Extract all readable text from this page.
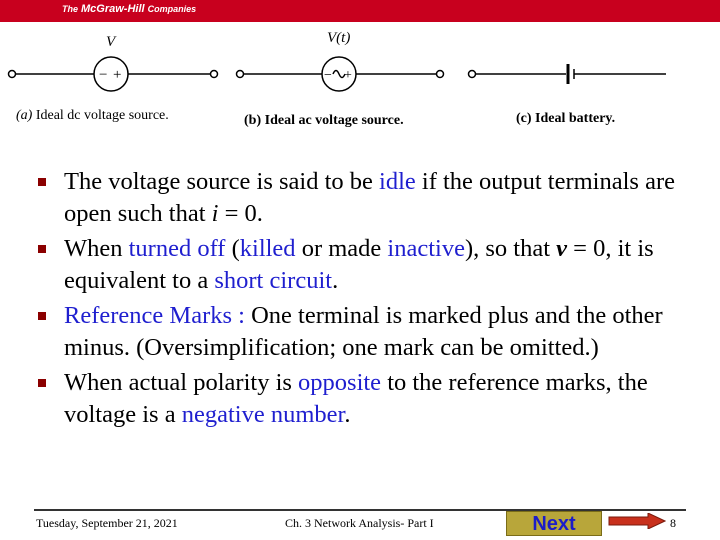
The McGraw-Hill Companies
− +
V
− +
V(t)
(a) Ideal dc voltage source.	(b) Ideal ac voltage source.	(c) Ideal battery.
The voltage source is said to be idle if the output terminals are open such that i = 0.
When turned off (killed or made inactive), so that v = 0, it is equivalent to a short circuit.
Reference Marks : One terminal is marked plus and the other minus. (Oversimplification; one mark can be omitted.)
When actual polarity is opposite to the reference marks, the voltage is a negative number.
Tuesday, September 21, 2021	Ch. 3 Network Analysis- Part I	Next	8
